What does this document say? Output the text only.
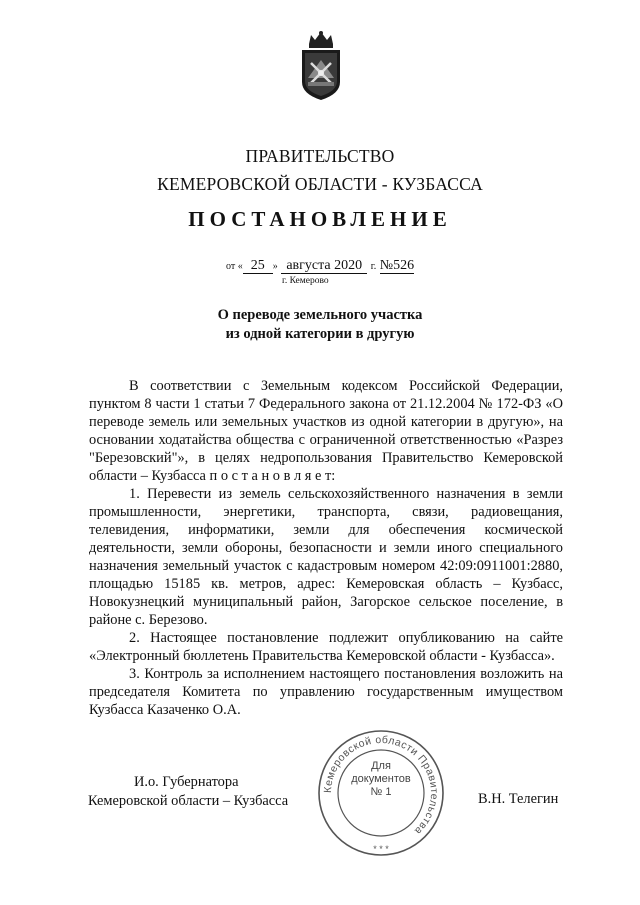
ПРАВИТЕЛЬСТВО
КЕМЕРОВСКОЙ ОБЛАСТИ - КУЗБАССА
ПОСТАНОВЛЕНИЕ
от « 25 » августа 2020 г. №526
г. Кемерово
О переводе земельного участка
из одной категории в другую

В соответствии с Земельным кодексом Российской Федерации, пунктом 8 части 1 статьи 7 Федерального закона от 21.12.2004 № 172-ФЗ «О переводе земель или земельных участков из одной категории в другую», на основании ходатайства общества с ограниченной ответственностью «Разрез "Березовский"», в целях недропользования Правительство Кемеровской области – Кузбасса п о с т а н о в л я е т:

1. Перевести из земель сельскохозяйственного назначения в земли промышленности, энергетики, транспорта, связи, радиовещания, телевидения, информатики, земли для обеспечения космической деятельности, земли обороны, безопасности и земли иного специального назначения земельный участок с кадастровым номером 42:09:0911001:2880, площадью 15185 кв. метров, адрес: Кемеровская область – Кузбасс, Новокузнецкий муниципальный район, Загорское сельское поселение, в районе с. Березово.

2. Настоящее постановление подлежит опубликованию на сайте «Электронный бюллетень Правительства Кемеровской области - Кузбасса».

3. Контроль за исполнением настоящего постановления возложить на председателя Комитета по управлению государственным имуществом Кузбасса Казаченко О.А.

И.о. Губернатора
Кемеровской области – Кузбасса
Кемеровской области Правительства
* * *
Для
документов
№ 1	В.Н. Телегин
